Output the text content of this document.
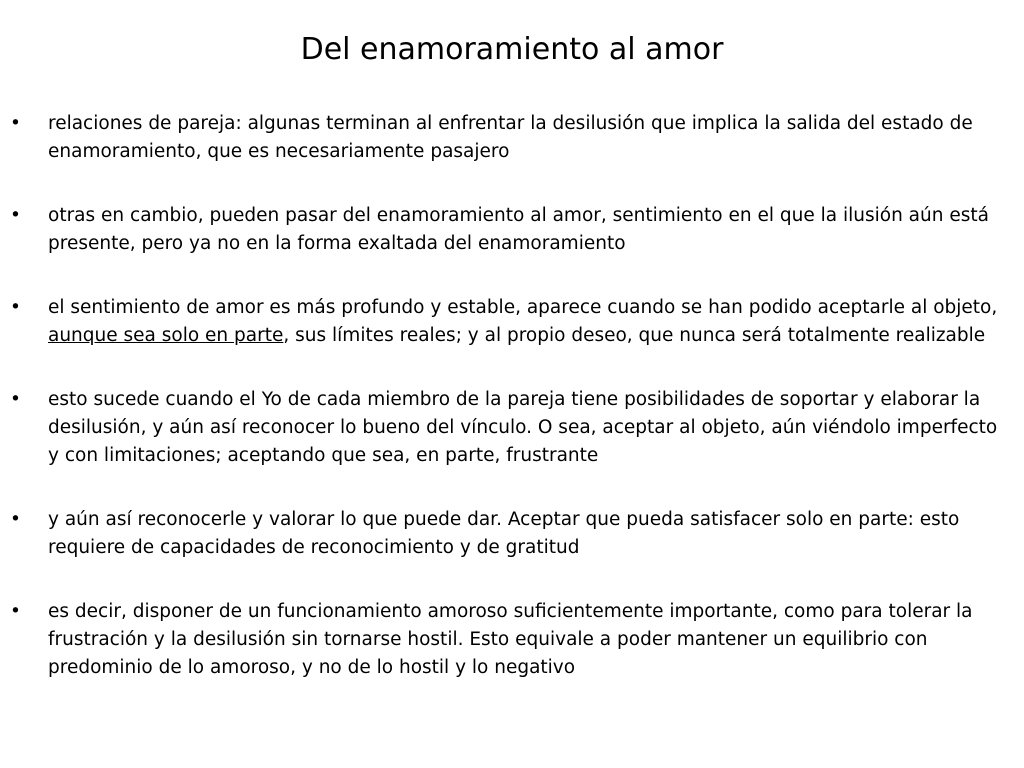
Del enamoramiento al amor
•	relaciones de pareja: algunas terminan al enfrentar la desilusión que implica la salida del estado de enamoramiento, que es necesariamente pasajero
•	otras en cambio, pueden pasar del enamoramiento al amor, sentimiento en el que la ilusión aún está presente, pero ya no en la forma exaltada del enamoramiento
•	el sentimiento de amor es más profundo y estable, aparece cuando se han podido aceptarle al objeto, aunque sea solo en parte, sus límites reales; y al propio deseo, que nunca será totalmente realizable
•	esto sucede cuando el Yo de cada miembro de la pareja tiene posibilidades de soportar y elaborar la desilusión, y aún así reconocer lo bueno del vínculo. O sea, aceptar al objeto, aún viéndolo imperfecto y con limitaciones; aceptando que sea, en parte, frustrante
•	y aún así reconocerle y valorar lo que puede dar. Aceptar que pueda satisfacer solo en parte: esto requiere de capacidades de reconocimiento y de gratitud
•	es decir, disponer de un funcionamiento amoroso suficientemente importante, como para tolerar la frustración y la desilusión sin tornarse hostil. Esto equivale a poder mantener un equilibrio con predominio de lo amoroso, y no de lo hostil y lo negativo
